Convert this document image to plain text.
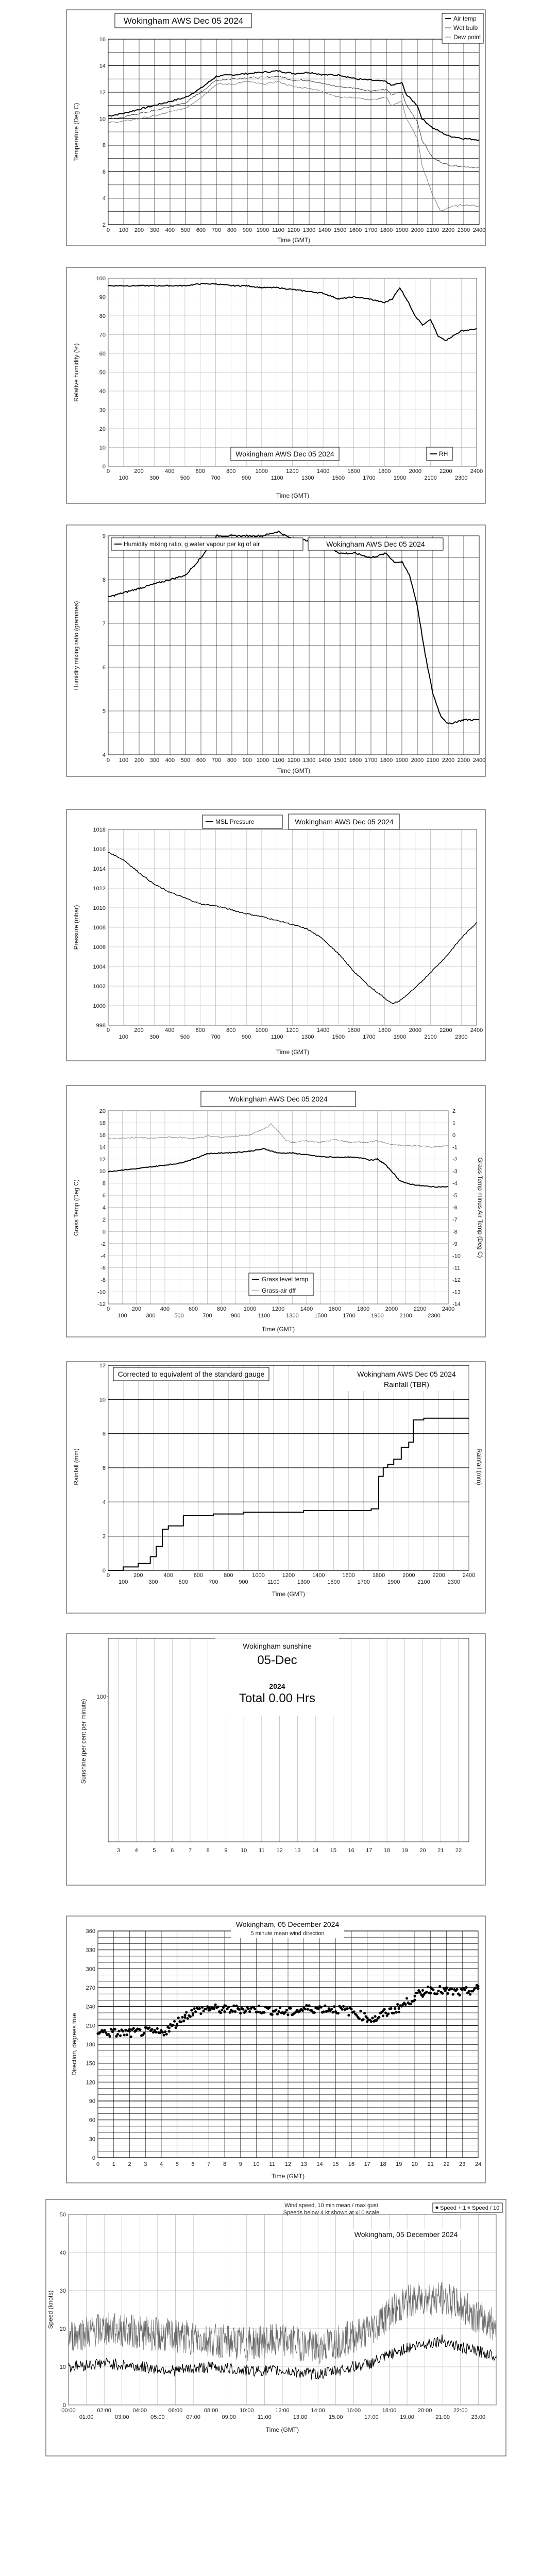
0 100 200 300 400 500 600 700 800 900 1000 1100 1200 1300 1400 1500 1600 1700 1800 1900 2000 2100 2200 2300 2400
2
4
6
8
10
12
14
16
Wokingham AWS Dec 05 2024	Air temp
Wet bulb
Dew point
Time (GMT)
Temperature (Deg C)
0	200	400	600	800	1000	1200	1400	1600	1800	2000	2200	2400
100	300	500	700	900	1100	1300	1500	1700	1900	2100	2300
0
10
20
30
40
50
60
70
80
90
100
Wokingham AWS Dec 05 2024	RH
Time (GMT)
Relative humidity (%)
0 100 200 300 400 500 600 700 800 900 1000 1100 1200 1300 1400 1500 1600 1700 1800 1900 2000 2100 2200 2300 2400
4
5
6
7
8
9
Humidity mixing ratio, g water vapour per kg of air	Wokingham AWS Dec 05 2024
Time (GMT)
Humidity mixing ratio (grammes)
0	200	400	600	800	1000	1200	1400	1600	1800	2000	2200	2400
100	300	500	700	900	1100	1300	1500	1700	1900	2100	2300
998
1000
1002
1004
1006
1008
1010
1012
1014
1016
1018
MSL Pressure	Wokingham AWS Dec 05 2024
Time (GMT)
Pressure (mbar)
0	200	400	600	800	1000	1200	1400	1600	1800	2000	2200	2400
100	300	500	700	900	1100	1300	1500	1700	1900	2100	2300
-12
-10
-8
-6
-4
-2
0
2
4
6
8
10
12
14
16
18
20
-14
-13
-12
-11
-10
-9
-8
-7
-6
-5
-4
-3
-2
-1
0
1
2
Wokingham AWS Dec 05 2024
Grass level temp
Grass-air dff
Time (GMT)
Grass Temp (Deg C)	Grass Temp minus Air Temp (Deg C)
0	200	400	600	800	1000	1200	1400	1600	1800	2000	2200	2400
100	300	500	700	900	1100	1300	1500	1700	1900	2100	2300
0
2
4
6
8
10
12
Corrected to equivalent of the standard gauge	Wokingham AWS Dec 05 2024
Rainfall (TBR)
Time (GMT)
Rainfall (mm)	Rainfall (mm)
3	4	5	6	7	8	9 10 11 12 13 14 15 16 17 18 19 20 21 22
Wokingham sunshine
05-Dec
2024
Total 0.00 Hrs
100
Sunshine (per cent per minute)
0 1 2 3 4 5 6 7 8 9 10 11 12 13 14 15 16 17 18 19 20 21 22 23 24
0
30
60
90
120
150
180
210
240
270
300
330
360
Wokingham, 05 December 2024
5 minute mean wind direction
Time (GMT)
Direction, degrees true
00:00	02:00	04:00	06:00	08:00	10:00	12:00	14:00	16:00	18:00	20:00	22:00
01:00	03:00	05:00	07:00	09:00	11:00	13:00	15:00	17:00	19:00	21:00	23:00
0
10
20
30
40
50
Wind speed, 10 min mean / max gust
Speeds below 4 kt shown at x10 scale
Wokingham, 05 December 2024
Speed + 1 Speed / 10
Time (GMT)
Speed (knots)
